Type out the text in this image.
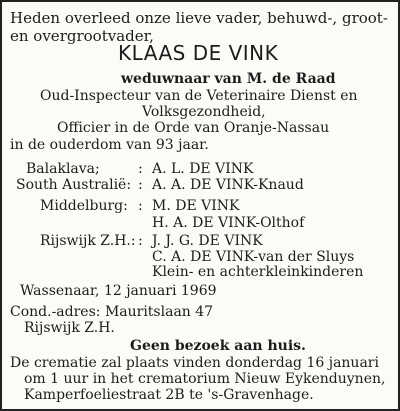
Heden overleed onze lieve vader, behuwd-, groot-
en overgrootvader,
KLAAS DE VINK
weduwnaar van M. de Raad
Oud-Inspecteur van de Veterinaire Dienst en
Volksgezondheid,
Officier in de Orde van Oranje-Nassau
in de ouderdom van 93 jaar.
Balaklava;	: A. L. DE VINK
South Australië: : A. A. DE VINK-Knaud
Middelburg: : M. DE VINK
H. A. DE VINK-Olthof
Rijswijk Z.H.: : J. J. G. DE VINK
C. A. DE VINK-van der Sluys
Klein- en achterkleinkinderen
Wassenaar, 12 januari 1969
Cond.-adres: Mauritslaan 47
Rijswijk Z.H.
Geen bezoek aan huis.
De crematie zal plaats vinden donderdag 16 januari
om 1 uur in het crematorium Nieuw Eykenduynen,
Kamperfoeliestraat 2B te 's-Gravenhage.
